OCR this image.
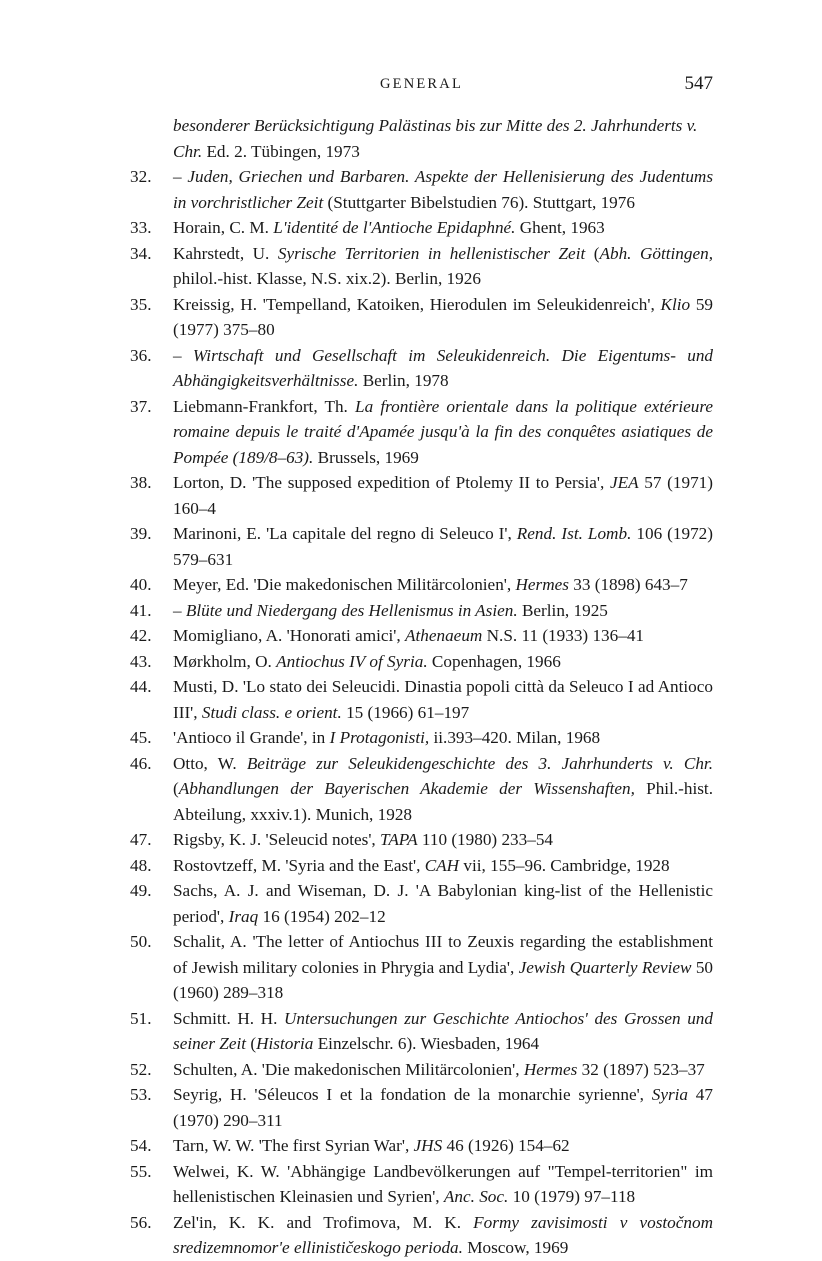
GENERAL	547
besonderer Berücksichtigung Palästinas bis zur Mitte des 2. Jahrhunderts v. Chr. Ed. 2. Tübingen, 1973
32.	– Juden, Griechen und Barbaren. Aspekte der Hellenisierung des Judentums in vorchristlicher Zeit (Stuttgarter Bibelstudien 76). Stuttgart, 1976
33.	Horain, C. M. L'identité de l'Antioche Epidaphné. Ghent, 1963
34.	Kahrstedt, U. Syrische Territorien in hellenistischer Zeit (Abh. Göttingen, philol.-hist. Klasse, N.S. xix.2). Berlin, 1926
35.	Kreissig, H. 'Tempelland, Katoiken, Hierodulen im Seleukidenreich', Klio 59 (1977) 375–80
36.	– Wirtschaft und Gesellschaft im Seleukidenreich. Die Eigentums- und Abhängigkeitsverhältnisse. Berlin, 1978
37.	Liebmann-Frankfort, Th. La frontière orientale dans la politique extérieure romaine depuis le traité d'Apamée jusqu'à la fin des conquêtes asiatiques de Pompée (189/8–63). Brussels, 1969
38.	Lorton, D. 'The supposed expedition of Ptolemy II to Persia', JEA 57 (1971) 160–4
39.	Marinoni, E. 'La capitale del regno di Seleuco I', Rend. Ist. Lomb. 106 (1972) 579–631
40.	Meyer, Ed. 'Die makedonischen Militärcolonien', Hermes 33 (1898) 643–7
41.	– Blüte und Niedergang des Hellenismus in Asien. Berlin, 1925
42.	Momigliano, A. 'Honorati amici', Athenaeum N.S. 11 (1933) 136–41
43.	Mørkholm, O. Antiochus IV of Syria. Copenhagen, 1966
44.	Musti, D. 'Lo stato dei Seleucidi. Dinastia popoli città da Seleuco I ad Antioco III', Studi class. e orient. 15 (1966) 61–197
45.	'Antioco il Grande', in I Protagonisti, ii.393–420. Milan, 1968
46.	Otto, W. Beiträge zur Seleukidengeschichte des 3. Jahrhunderts v. Chr. (Abhandlungen der Bayerischen Akademie der Wissenshaften, Phil.-hist. Abteilung, xxxiv.1). Munich, 1928
47.	Rigsby, K. J. 'Seleucid notes', TAPA 110 (1980) 233–54
48.	Rostovtzeff, M. 'Syria and the East', CAH vii, 155–96. Cambridge, 1928
49.	Sachs, A. J. and Wiseman, D. J. 'A Babylonian king-list of the Hellenistic period', Iraq 16 (1954) 202–12
50.	Schalit, A. 'The letter of Antiochus III to Zeuxis regarding the establishment of Jewish military colonies in Phrygia and Lydia', Jewish Quarterly Review 50 (1960) 289–318
51.	Schmitt. H. H. Untersuchungen zur Geschichte Antiochos' des Grossen und seiner Zeit (Historia Einzelschr. 6). Wiesbaden, 1964
52.	Schulten, A. 'Die makedonischen Militärcolonien', Hermes 32 (1897) 523–37
53.	Seyrig, H. 'Séleucos I et la fondation de la monarchie syrienne', Syria 47 (1970) 290–311
54.	Tarn, W. W. 'The first Syrian War', JHS 46 (1926) 154–62
55.	Welwei, K. W. 'Abhängige Landbevölkerungen auf "Tempel-territorien" im hellenistischen Kleinasien und Syrien', Anc. Soc. 10 (1979) 97–118
56.	Zel'in, K. K. and Trofimova, M. K. Formy zavisimosti v vostočnom sredizemnomor'e ellinističeskogo perioda. Moscow, 1969
